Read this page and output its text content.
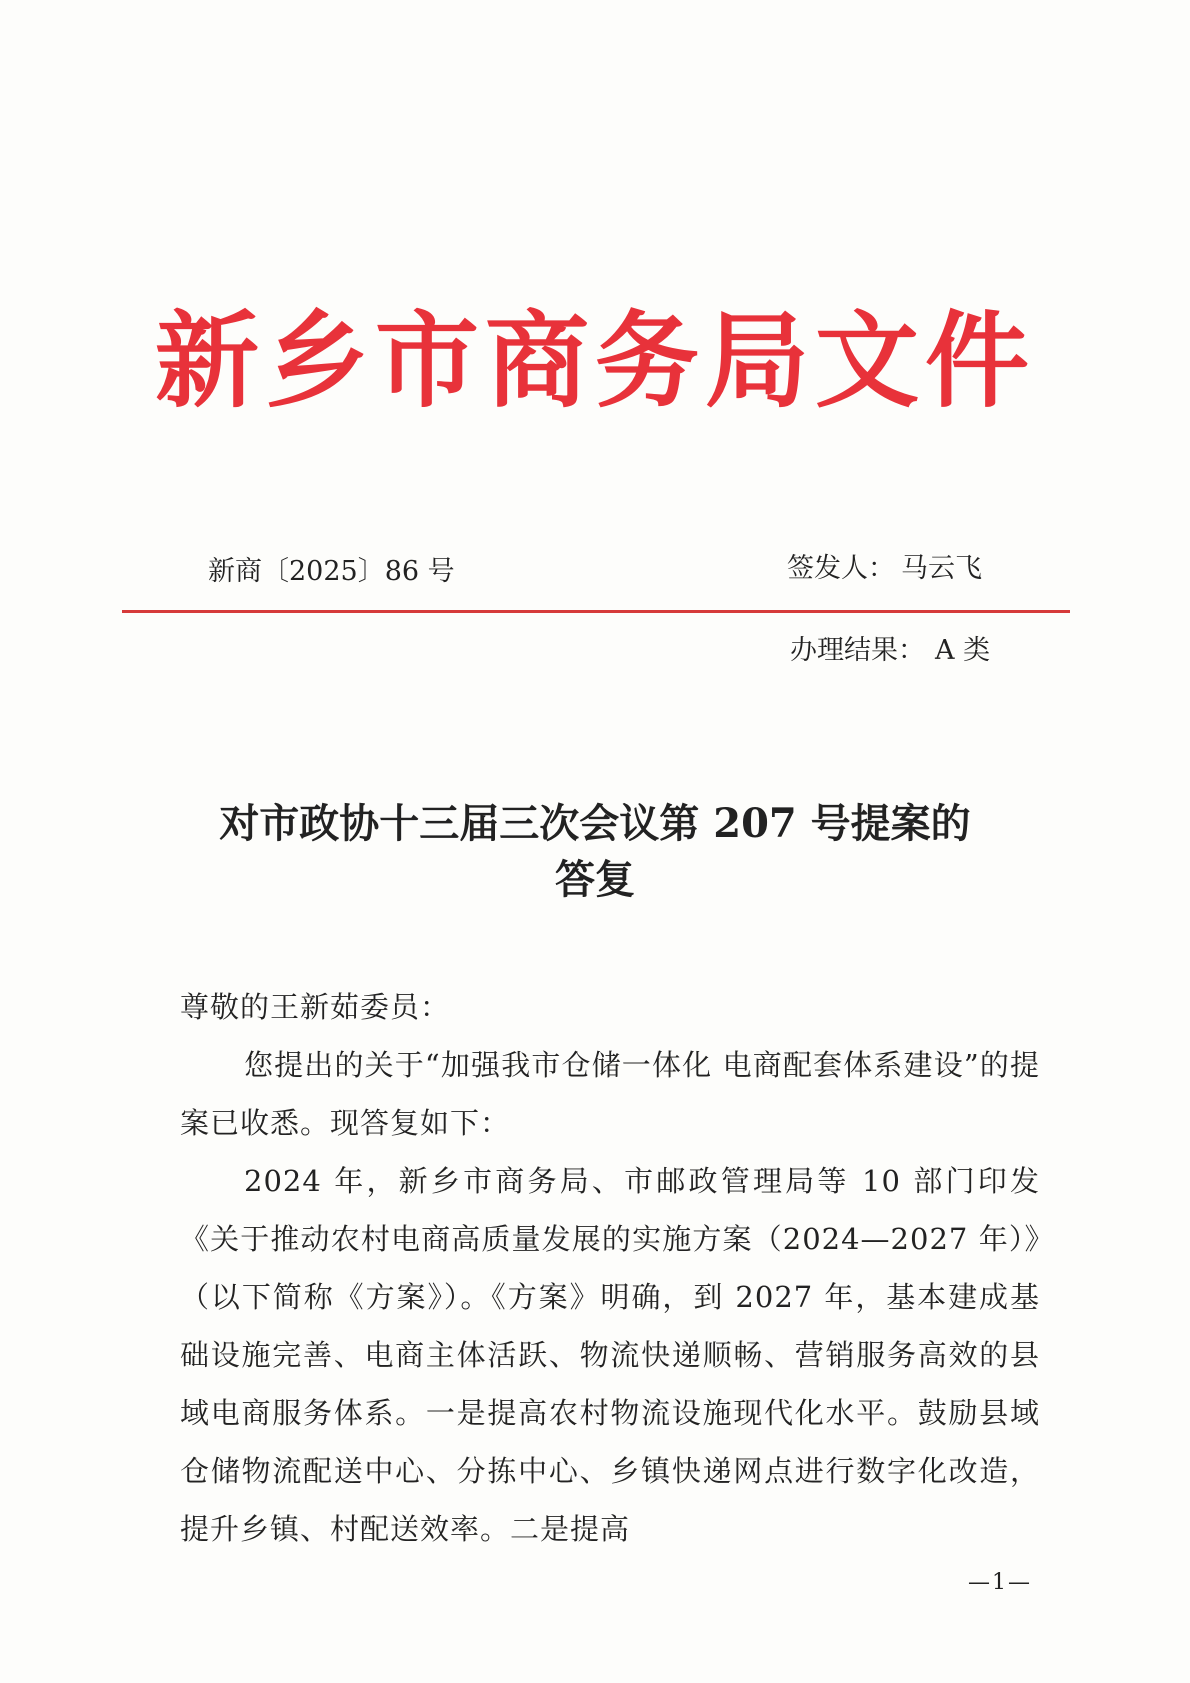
新乡市商务局文件
新商〔2025〕86 号	签发人： 马云飞
办理结果： A 类
对市政协十三届三次会议第 207 号提案的
答复

尊敬的王新茹委员：

您提出的关于“加强我市仓储一体化 电商配套体系建设”的提案已收悉。现答复如下：

2024 年，新乡市商务局、市邮政管理局等 10 部门印发《关于推动农村电商高质量发展的实施方案（2024—2027 年）》（以下简称《方案》）。《方案》明确，到 2027 年，基本建成基础设施完善、电商主体活跃、物流快递顺畅、营销服务高效的县域电商服务体系。一是提高农村物流设施现代化水平。鼓励县域仓储物流配送中心、分拣中心、乡镇快递网点进行数字化改造，提升乡镇、村配送效率。二是提高

—1—
